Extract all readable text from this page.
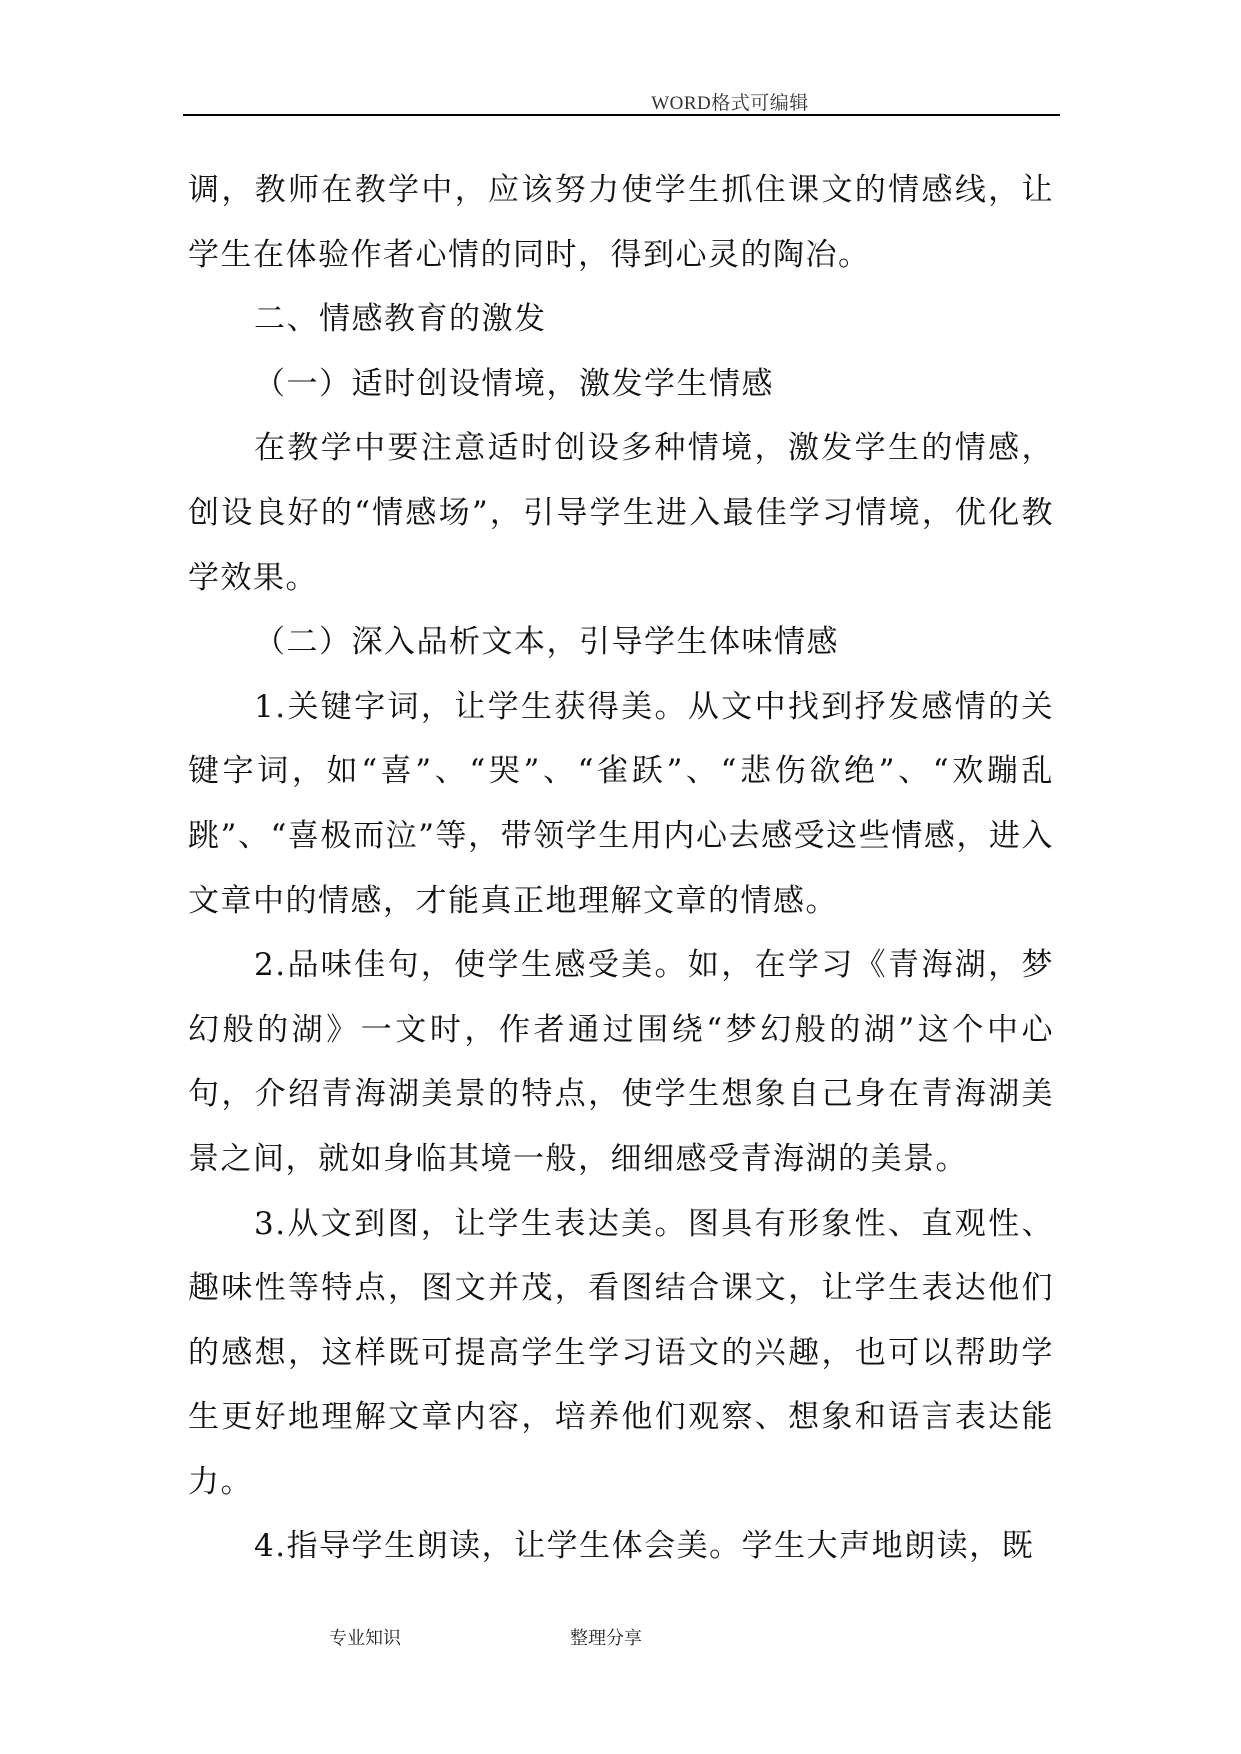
WORD格式可编辑

调，教师在教学中，应该努力使学生抓住课文的情感线，让学生在体验作者心情的同时，得到心灵的陶冶。

二、情感教育的激发

（一）适时创设情境，激发学生情感

在教学中要注意适时创设多种情境，激发学生的情感，创设良好的“情感场”，引导学生进入最佳学习情境，优化教学效果。

（二）深入品析文本，引导学生体味情感

1.关键字词，让学生获得美。从文中找到抒发感情的关键字词，如“喜”、“哭”、“雀跃”、“悲伤欲绝”、“欢蹦乱跳”、“喜极而泣”等，带领学生用内心去感受这些情感，进入文章中的情感，才能真正地理解文章的情感。

2.品味佳句，使学生感受美。如，在学习《青海湖，梦幻般的湖》一文时，作者通过围绕“梦幻般的湖”这个中心句，介绍青海湖美景的特点，使学生想象自己身在青海湖美景之间，就如身临其境一般，细细感受青海湖的美景。

3.从文到图，让学生表达美。图具有形象性、直观性、趣味性等特点，图文并茂，看图结合课文，让学生表达他们的感想，这样既可提高学生学习语文的兴趣，也可以帮助学生更好地理解文章内容，培养他们观察、想象和语言表达能力。

4.指导学生朗读，让学生体会美。学生大声地朗读，既

专业知识	整理分享
